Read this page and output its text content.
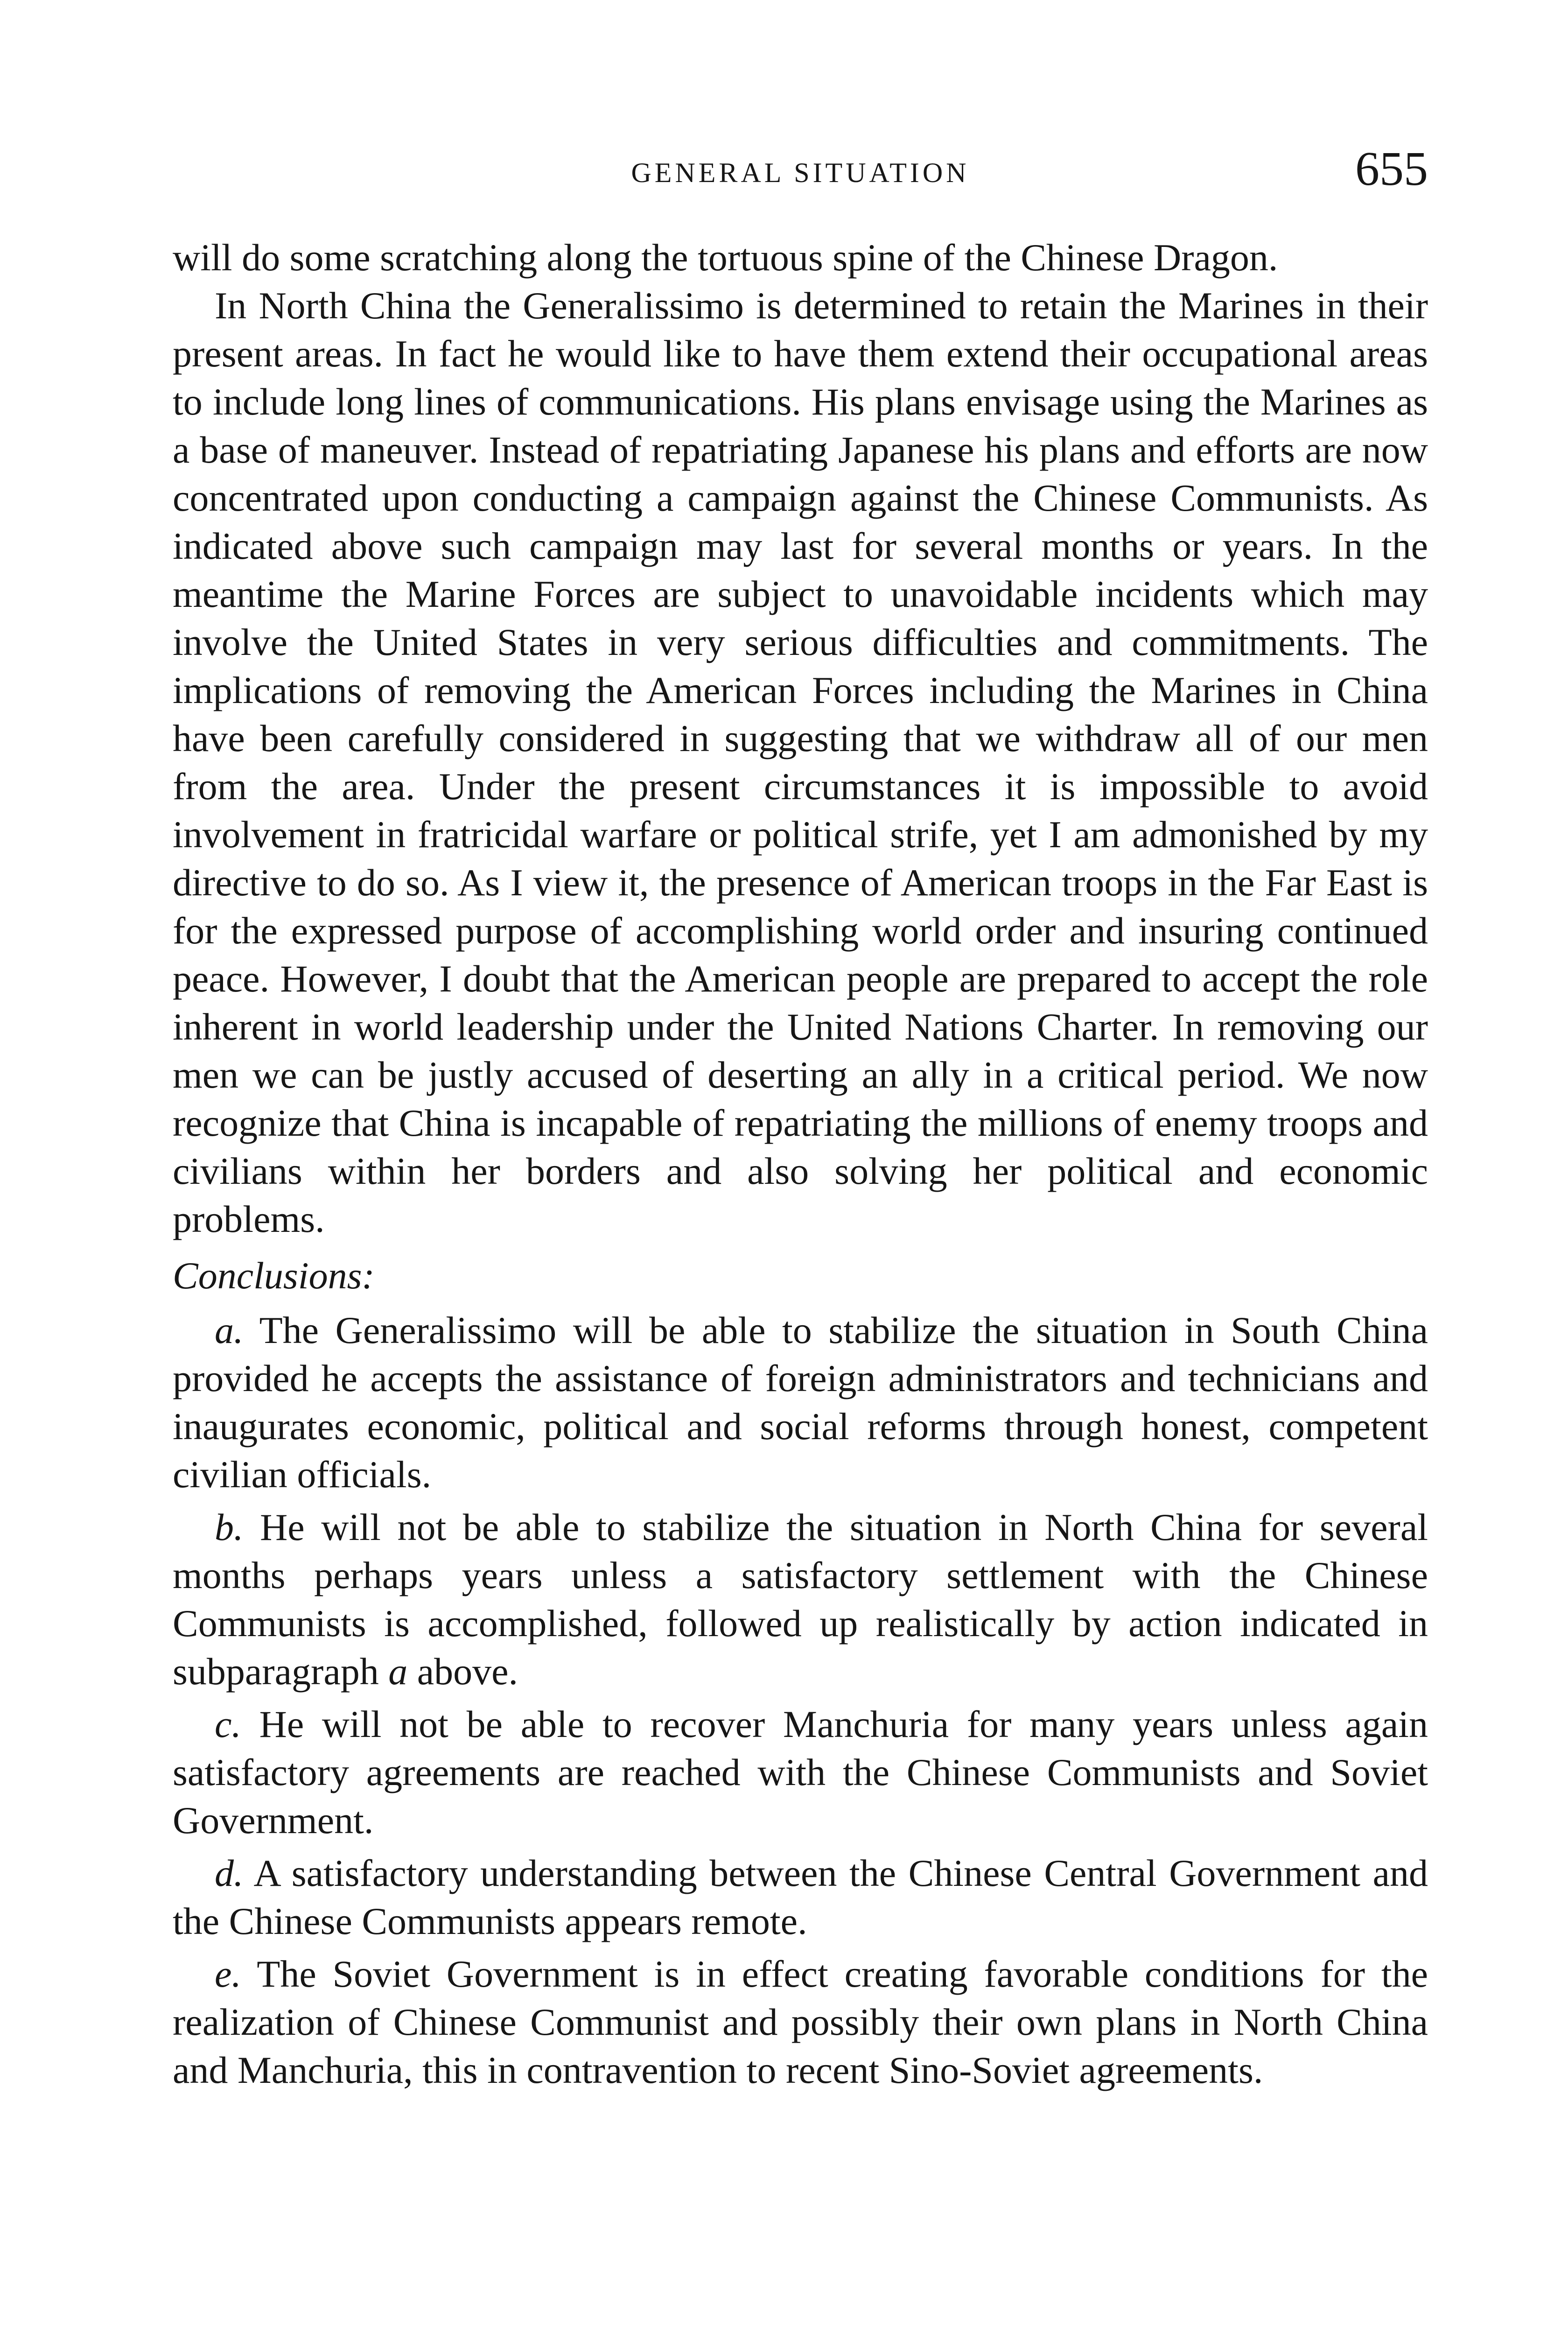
GENERAL SITUATION	655

will do some scratching along the tortuous spine of the Chinese Dragon.

In North China the Generalissimo is determined to retain the Marines in their present areas. In fact he would like to have them extend their occupational areas to include long lines of communications. His plans envisage using the Marines as a base of maneuver. Instead of repatriating Japanese his plans and efforts are now concentrated upon conducting a campaign against the Chinese Communists. As indicated above such campaign may last for several months or years. In the meantime the Marine Forces are subject to unavoidable incidents which may involve the United States in very serious difficulties and commitments. The implications of removing the American Forces including the Marines in China have been carefully considered in suggesting that we withdraw all of our men from the area. Under the present circumstances it is impossible to avoid involvement in fratricidal warfare or political strife, yet I am admonished by my directive to do so. As I view it, the presence of American troops in the Far East is for the expressed purpose of accomplishing world order and insuring continued peace. However, I doubt that the American people are prepared to accept the role inherent in world leadership under the United Nations Charter. In removing our men we can be justly accused of deserting an ally in a critical period. We now recognize that China is incapable of repatriating the millions of enemy troops and civilians within her borders and also solving her political and economic problems.

Conclusions:

a. The Generalissimo will be able to stabilize the situation in South China provided he accepts the assistance of foreign administrators and technicians and inaugurates economic, political and social reforms through honest, competent civilian officials.

b. He will not be able to stabilize the situation in North China for several months perhaps years unless a satisfactory settlement with the Chinese Communists is accomplished, followed up realistically by action indicated in subparagraph a above.

c. He will not be able to recover Manchuria for many years unless again satisfactory agreements are reached with the Chinese Communists and Soviet Government.

d. A satisfactory understanding between the Chinese Central Government and the Chinese Communists appears remote.

e. The Soviet Government is in effect creating favorable conditions for the realization of Chinese Communist and possibly their own plans in North China and Manchuria, this in contravention to recent Sino-Soviet agreements.
